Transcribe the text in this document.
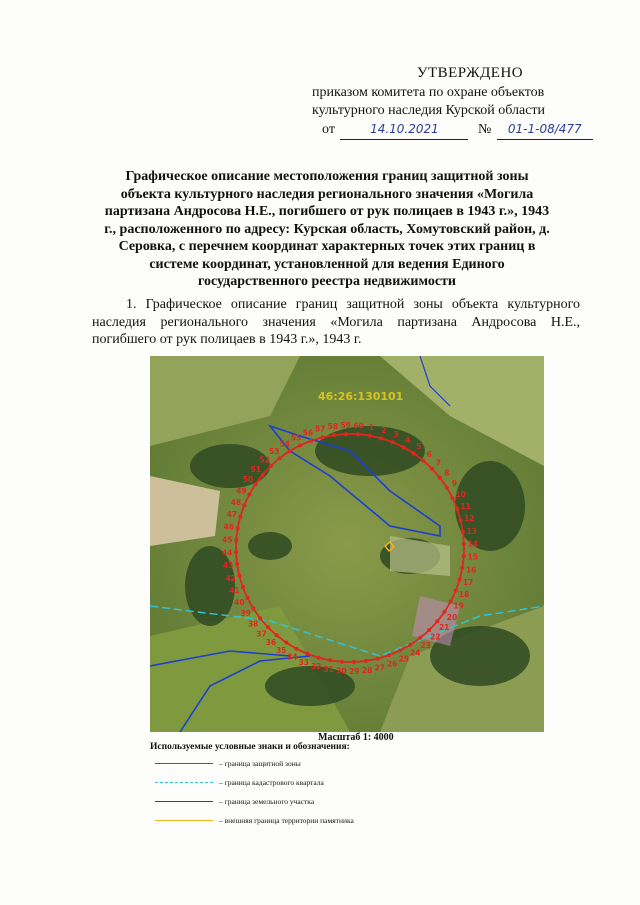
УТВЕРЖДЕНО
приказом комитета по охране объектов
культурного наследия Курской области
от	14.10.2021	№ 01-1-08/477
Графическое описание местоположения границ защитной зоны объекта культурного наследия регионального значения «Могила партизана Андросова Н.Е., погибшего от рук полицаев в 1943 г.», 1943 г., расположенного по адресу: Курская область, Хомутовский район, д. Серовка, с перечнем координат характерных точек этих границ в системе координат, установленной для ведения Единого государственного реестра недвижимости
1. Графическое описание границ защитной зоны объекта культурного наследия регионального значения «Могила партизана Андросова Н.Е., погибшего от рук полицаев в 1943 г.», 1943 г.
46:26:130101
1 2 3
4
5
6
7
8
9
10
11
12
13
14
15
16
17
18
19
20
21
22
23
24
25
26
27
28
29
30
31
32
33
34
35
36
37
38
39
40
41
42
43
44
45
46
47
48
49
50
51
52
53
54
55
56 57 58 59 60
Масштаб 1: 4000
Используемые условные знаки и обозначения:
– граница защитной зоны
– граница кадастрового квартала
– граница земельного участка
– внешняя граница территории памятника
